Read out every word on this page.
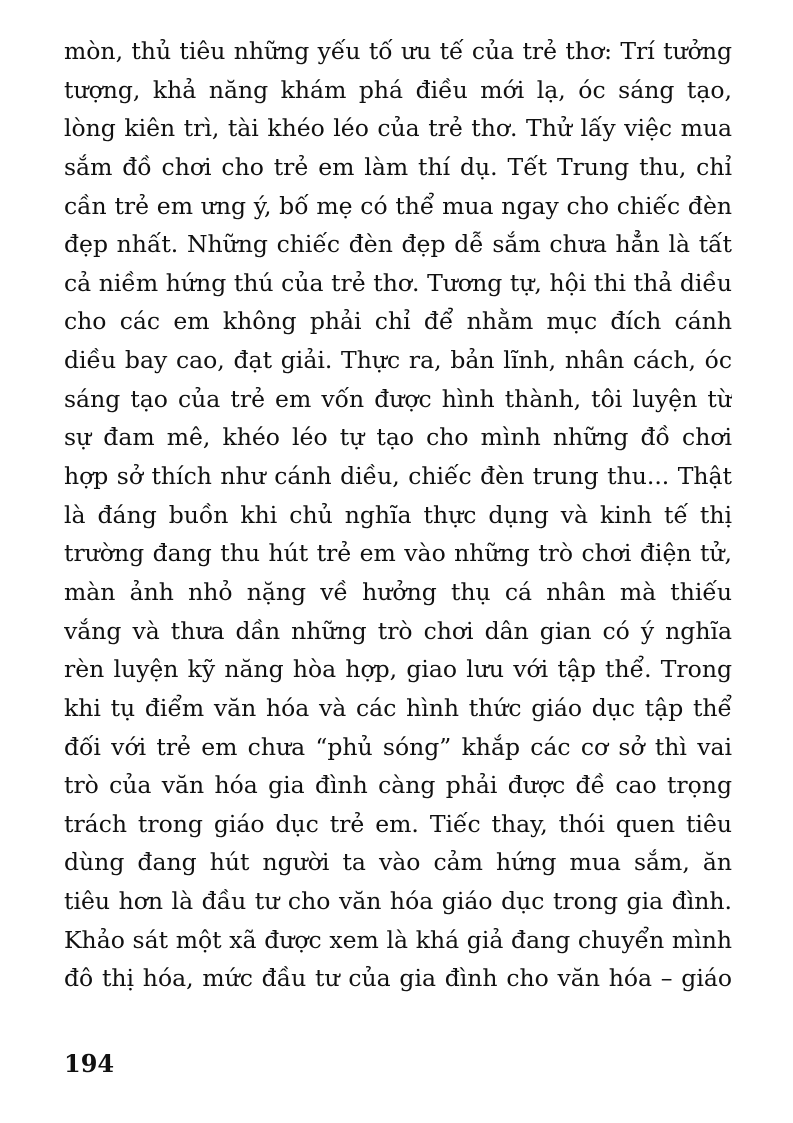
mòn, thủ tiêu những yếu tố ưu tế của trẻ thơ: Trí tưởng
tượng, khả năng khám phá điều mới lạ, óc sáng tạo,
lòng kiên trì, tài khéo léo của trẻ thơ. Thử lấy việc mua
sắm đồ chơi cho trẻ em làm thí dụ. Tết Trung thu, chỉ
cần trẻ em ưng ý, bố mẹ có thể mua ngay cho chiếc đèn
đẹp nhất. Những chiếc đèn đẹp dễ sắm chưa hẳn là tất
cả niềm hứng thú của trẻ thơ. Tương tự, hội thi thả diều
cho các em không phải chỉ để nhằm mục đích cánh
diều bay cao, đạt giải. Thực ra, bản lĩnh, nhân cách, óc
sáng tạo của trẻ em vốn được hình thành, tôi luyện từ
sự đam mê, khéo léo tự tạo cho mình những đồ chơi
hợp sở thích như cánh diều, chiếc đèn trung thu... Thật
là đáng buồn khi chủ nghĩa thực dụng và kinh tế thị
trường đang thu hút trẻ em vào những trò chơi điện tử,
màn ảnh nhỏ nặng về hưởng thụ cá nhân mà thiếu
vắng và thưa dần những trò chơi dân gian có ý nghĩa
rèn luyện kỹ năng hòa hợp, giao lưu với tập thể. Trong
khi tụ điểm văn hóa và các hình thức giáo dục tập thể
đối với trẻ em chưa “phủ sóng” khắp các cơ sở thì vai
trò của văn hóa gia đình càng phải được đề cao trọng
trách trong giáo dục trẻ em. Tiếc thay, thói quen tiêu
dùng đang hút người ta vào cảm hứng mua sắm, ăn
tiêu hơn là đầu tư cho văn hóa giáo dục trong gia đình.
Khảo sát một xã được xem là khá giả đang chuyển mình
đô thị hóa, mức đầu tư của gia đình cho văn hóa – giáo

194
